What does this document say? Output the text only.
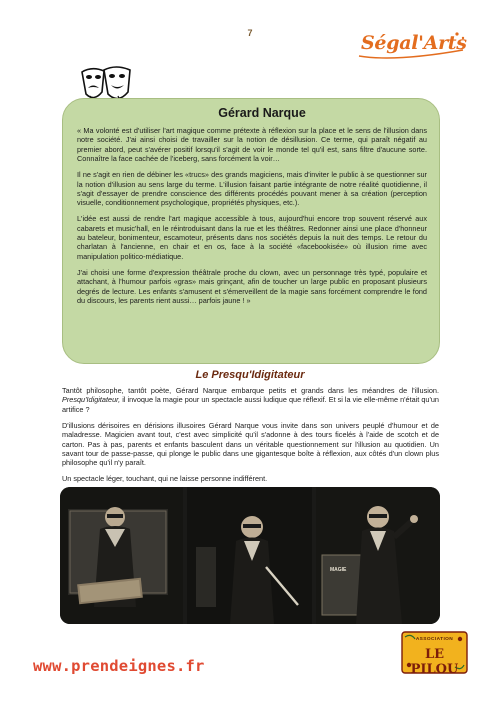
7	Ségal'Arts
Gérard Narque

« Ma volonté est d'utiliser l'art magique comme prétexte à réflexion sur la place et le sens de l'illusion dans notre société. J'ai ainsi choisi de travailler sur la notion de désillusion. Ce terme, qui paraît négatif au premier abord, peut s'avérer positif lorsqu'il s'agit de voir le monde tel qu'il est, sans filtre d'aucune sorte. Connaître la face cachée de l'iceberg, sans forcément la voir…

Il ne s'agit en rien de débiner les «trucs» des grands magiciens, mais d'inviter le public à se questionner sur la notion d'illusion au sens large du terme. L'illusion faisant partie intégrante de notre réalité quotidienne, il s'agit d'essayer de prendre conscience des différents procédés pouvant mener à sa création (perception visuelle, conditionnement psychologique, propriétés physiques, etc.).

L'idée est aussi de rendre l'art magique accessible à tous, aujourd'hui encore trop souvent réservé aux cabarets et music'hall, en le réintroduisant dans la rue et les théâtres. Redonner ainsi une place d'honneur au bateleur, bonimenteur, escamoteur, présents dans nos sociétés depuis la nuit des temps. Le retour du charlatan à l'ancienne, en chair et en os, face à la société «facebookisée» où illusion rime avec manipulation politico-médiatique.

J'ai choisi une forme d'expression théâtrale proche du clown, avec un personnage très typé, populaire et attachant, à l'humour parfois «gras» mais grinçant, afin de toucher un large public en proposant plusieurs degrés de lecture. Les enfants s'amusent et s'émerveillent de la magie sans forcément comprendre le fond du discours, les parents rient aussi… parfois jaune ! »

Le Presqu'Idigitateur

Tantôt philosophe, tantôt poète, Gérard Narque embarque petits et grands dans les méandres de l'illusion. Presqu'Idigitateur, il invoque la magie pour un spectacle aussi ludique que réflexif. Et si la vie elle-même n'était qu'un artifice ?

D'illusions dérisoires en dérisions illusoires Gérard Narque vous invite dans son univers peuplé d'humour et de maladresse. Magicien avant tout, c'est avec simplicité qu'il s'adonne à des tours ficelés à l'aide de scotch et de carton. Pas à pas, parents et enfants basculent dans un véritable questionnement sur l'illusion au quotidien. Un savant tour de passe-passe, qui plonge le public dans une gigantesque boîte à réflexion, aux côtés d'un clown plus philosophe qu'il n'y paraît.

Un spectacle léger, touchant, qui ne laisse personne indifférent.

MAGIE
www.prendeignes.fr
ASSOCIATION
LE PILOU
